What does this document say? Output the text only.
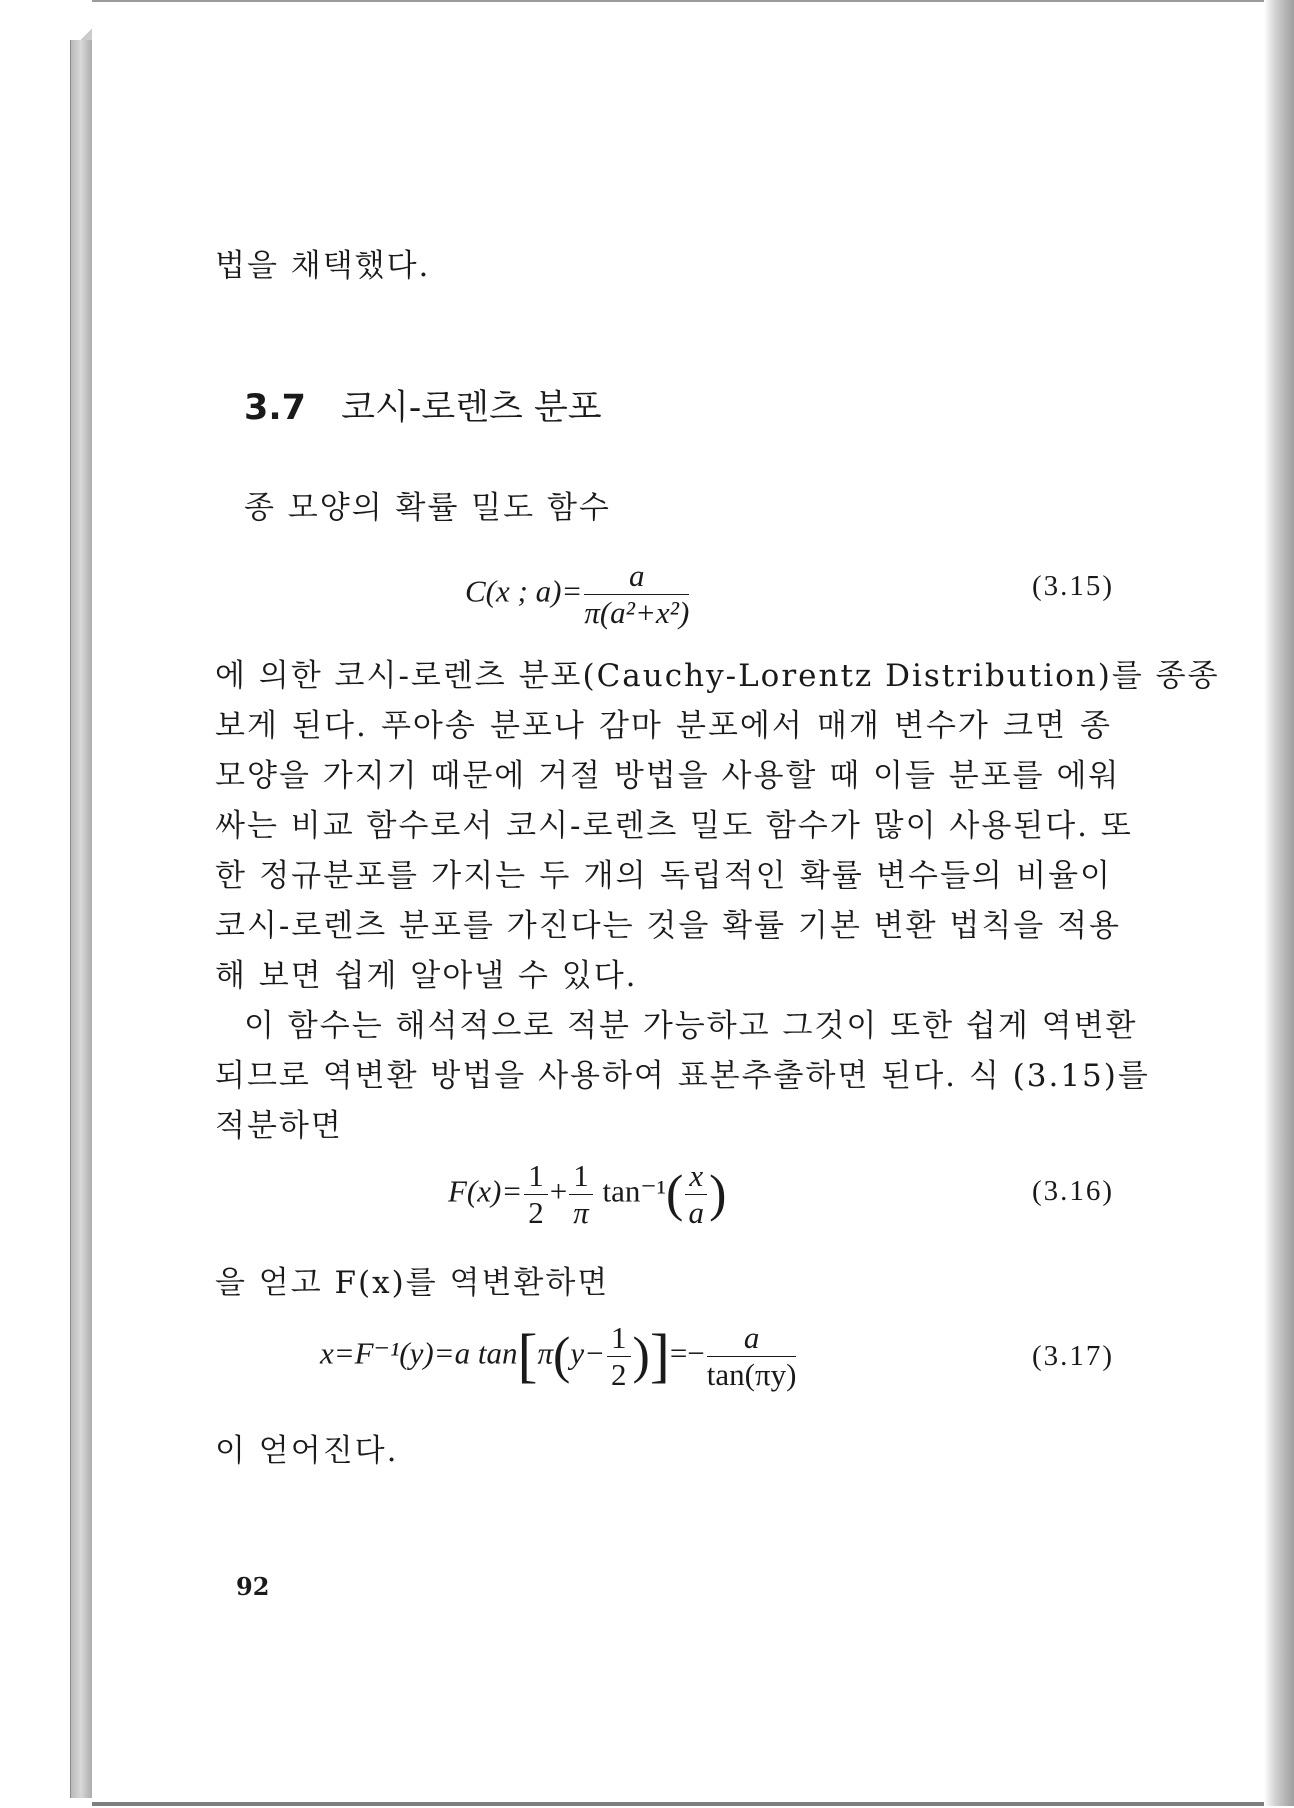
법을 채택했다.
3.7 코시-로렌츠 분포
종 모양의 확률 밀도 함수
C(x ; $a)= \frac{a}{\text{π(a²+x²)}}$	(3.15)
에 의한 코시-로렌츠 분포(Cauchy-Lorentz Distribution)를 종종
보게 된다. 푸아송 분포나 감마 분포에서 매개 변수가 크면 종
모양을 가지기 때문에 거절 방법을 사용할 때 이들 분포를 에워
싸는 비교 함수로서 코시-로렌츠 밀도 함수가 많이 사용된다. 또
한 정규분포를 가지는 두 개의 독립적인 확률 변수들의 비율이
코시-로렌츠 분포를 가진다는 것을 확률 기본 변환 법칙을 적용
해 보면 쉽게 알아낼 수 있다.
이 함수는 해석적으로 적분 가능하고 그것이 또한 쉽게 역변환
되므로 역변환 방법을 사용하여 표본추출하면 된다. 식 (3.15)를
적분하면
$F(x)= \frac{1}{2} + \frac{1}{\pi} \tan^{-1}( \frac{x}{a}$ )	(3.16)
을 얻고 F(x)를 역변환하면
x=F⁻¹(y)=a $\tan[\pi(y- \frac{1}{2}$ )]=− $\frac{a}{\tan(\pi y)}$	(3.17)
이 얻어진다.
92
